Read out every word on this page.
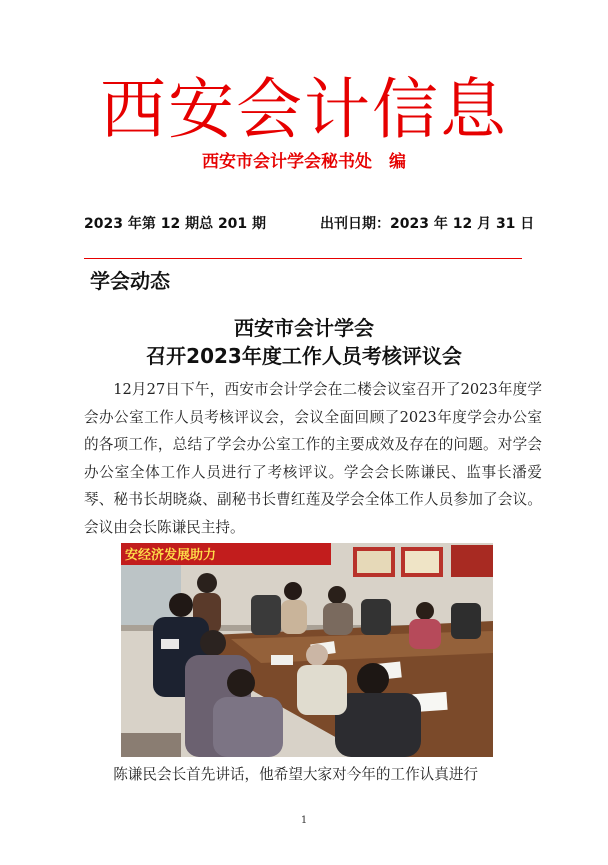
西安会计信息
西安市会计学会秘书处　编
2023 年第 12 期总 201 期	出刊日期：2023 年 12 月 31 日
学会动态
西安市会计学会
召开2023年度工作人员考核评议会

12月27日下午，西安市会计学会在二楼会议室召开了2023年度学会办公室工作人员考核评议会，会议全面回顾了2023年度学会办公室的各项工作，总结了学会办公室工作的主要成效及存在的问题。对学会办公室全体工作人员进行了考核评议。学会会长陈谦民、监事长潘爱琴、秘书长胡晓焱、副秘书长曹红莲及学会全体工作人员参加了会议。会议由会长陈谦民主持。

安经济发展助力
陈谦民会长首先讲话，他希望大家对今年的工作认真进行
1
